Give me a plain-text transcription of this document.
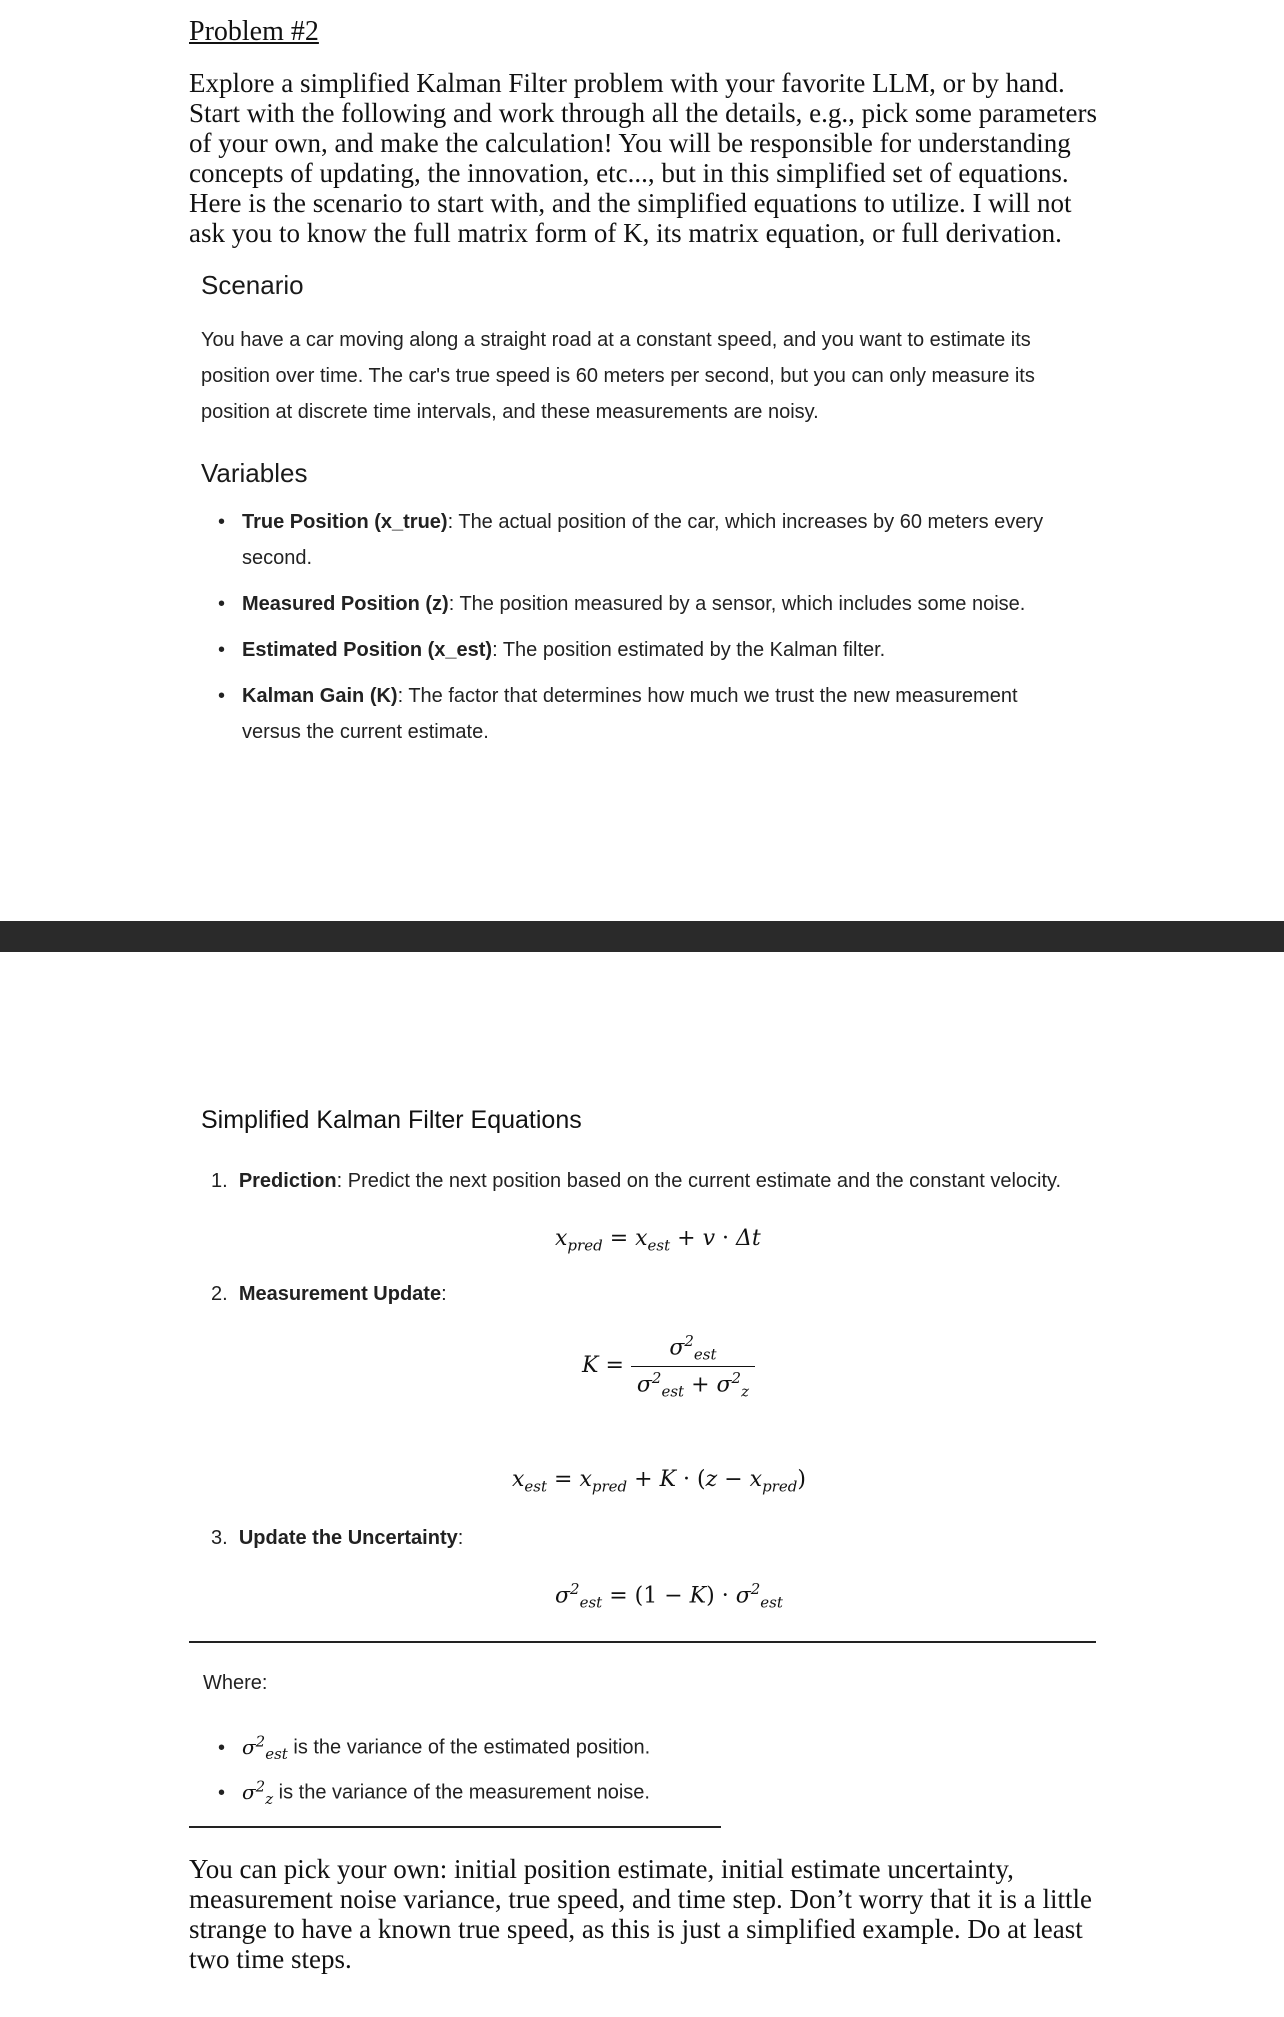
Problem #2
Explore a simplified Kalman Filter problem with your favorite LLM, or by hand.
Start with the following and work through all the details, e.g., pick some parameters
of your own, and make the calculation! You will be responsible for understanding
concepts of updating, the innovation, etc..., but in this simplified set of equations.
Here is the scenario to start with, and the simplified equations to utilize. I will not
ask you to know the full matrix form of K, its matrix equation, or full derivation.
Scenario
You have a car moving along a straight road at a constant speed, and you want to estimate its
position over time. The car's true speed is 60 meters per second, but you can only measure its
position at discrete time intervals, and these measurements are noisy.
Variables
• True Position (x_true): The actual position of the car, which increases by 60 meters every
second.
• Measured Position (z): The position measured by a sensor, which includes some noise.
• Estimated Position (x_est): The position estimated by the Kalman filter.
• Kalman Gain (K): The factor that determines how much we trust the new measurement
versus the current estimate.
Simplified Kalman Filter Equations
1. Prediction: Predict the next position based on the current estimate and the constant velocity.
$x_{pred} = x_{est} + v \cdot \Delta t$
2. Measurement Update:
$K = \frac{\sigma^2_{est}}{\sigma^2_{est} + \sigma^2_z}$
$x_{est} = x_{pred} + K \cdot (z - x_{pred})$
3. Update the Uncertainty:
$\sigma^2_{est} = (1 - K) \cdot \sigma^2_{est}$
Where:
• $\sigma^2_{est}$ is the variance of the estimated position.
• $\sigma^2_z$ is the variance of the measurement noise.
You can pick your own: initial position estimate, initial estimate uncertainty,
measurement noise variance, true speed, and time step. Don’t worry that it is a little
strange to have a known true speed, as this is just a simplified example. Do at least
two time steps.
